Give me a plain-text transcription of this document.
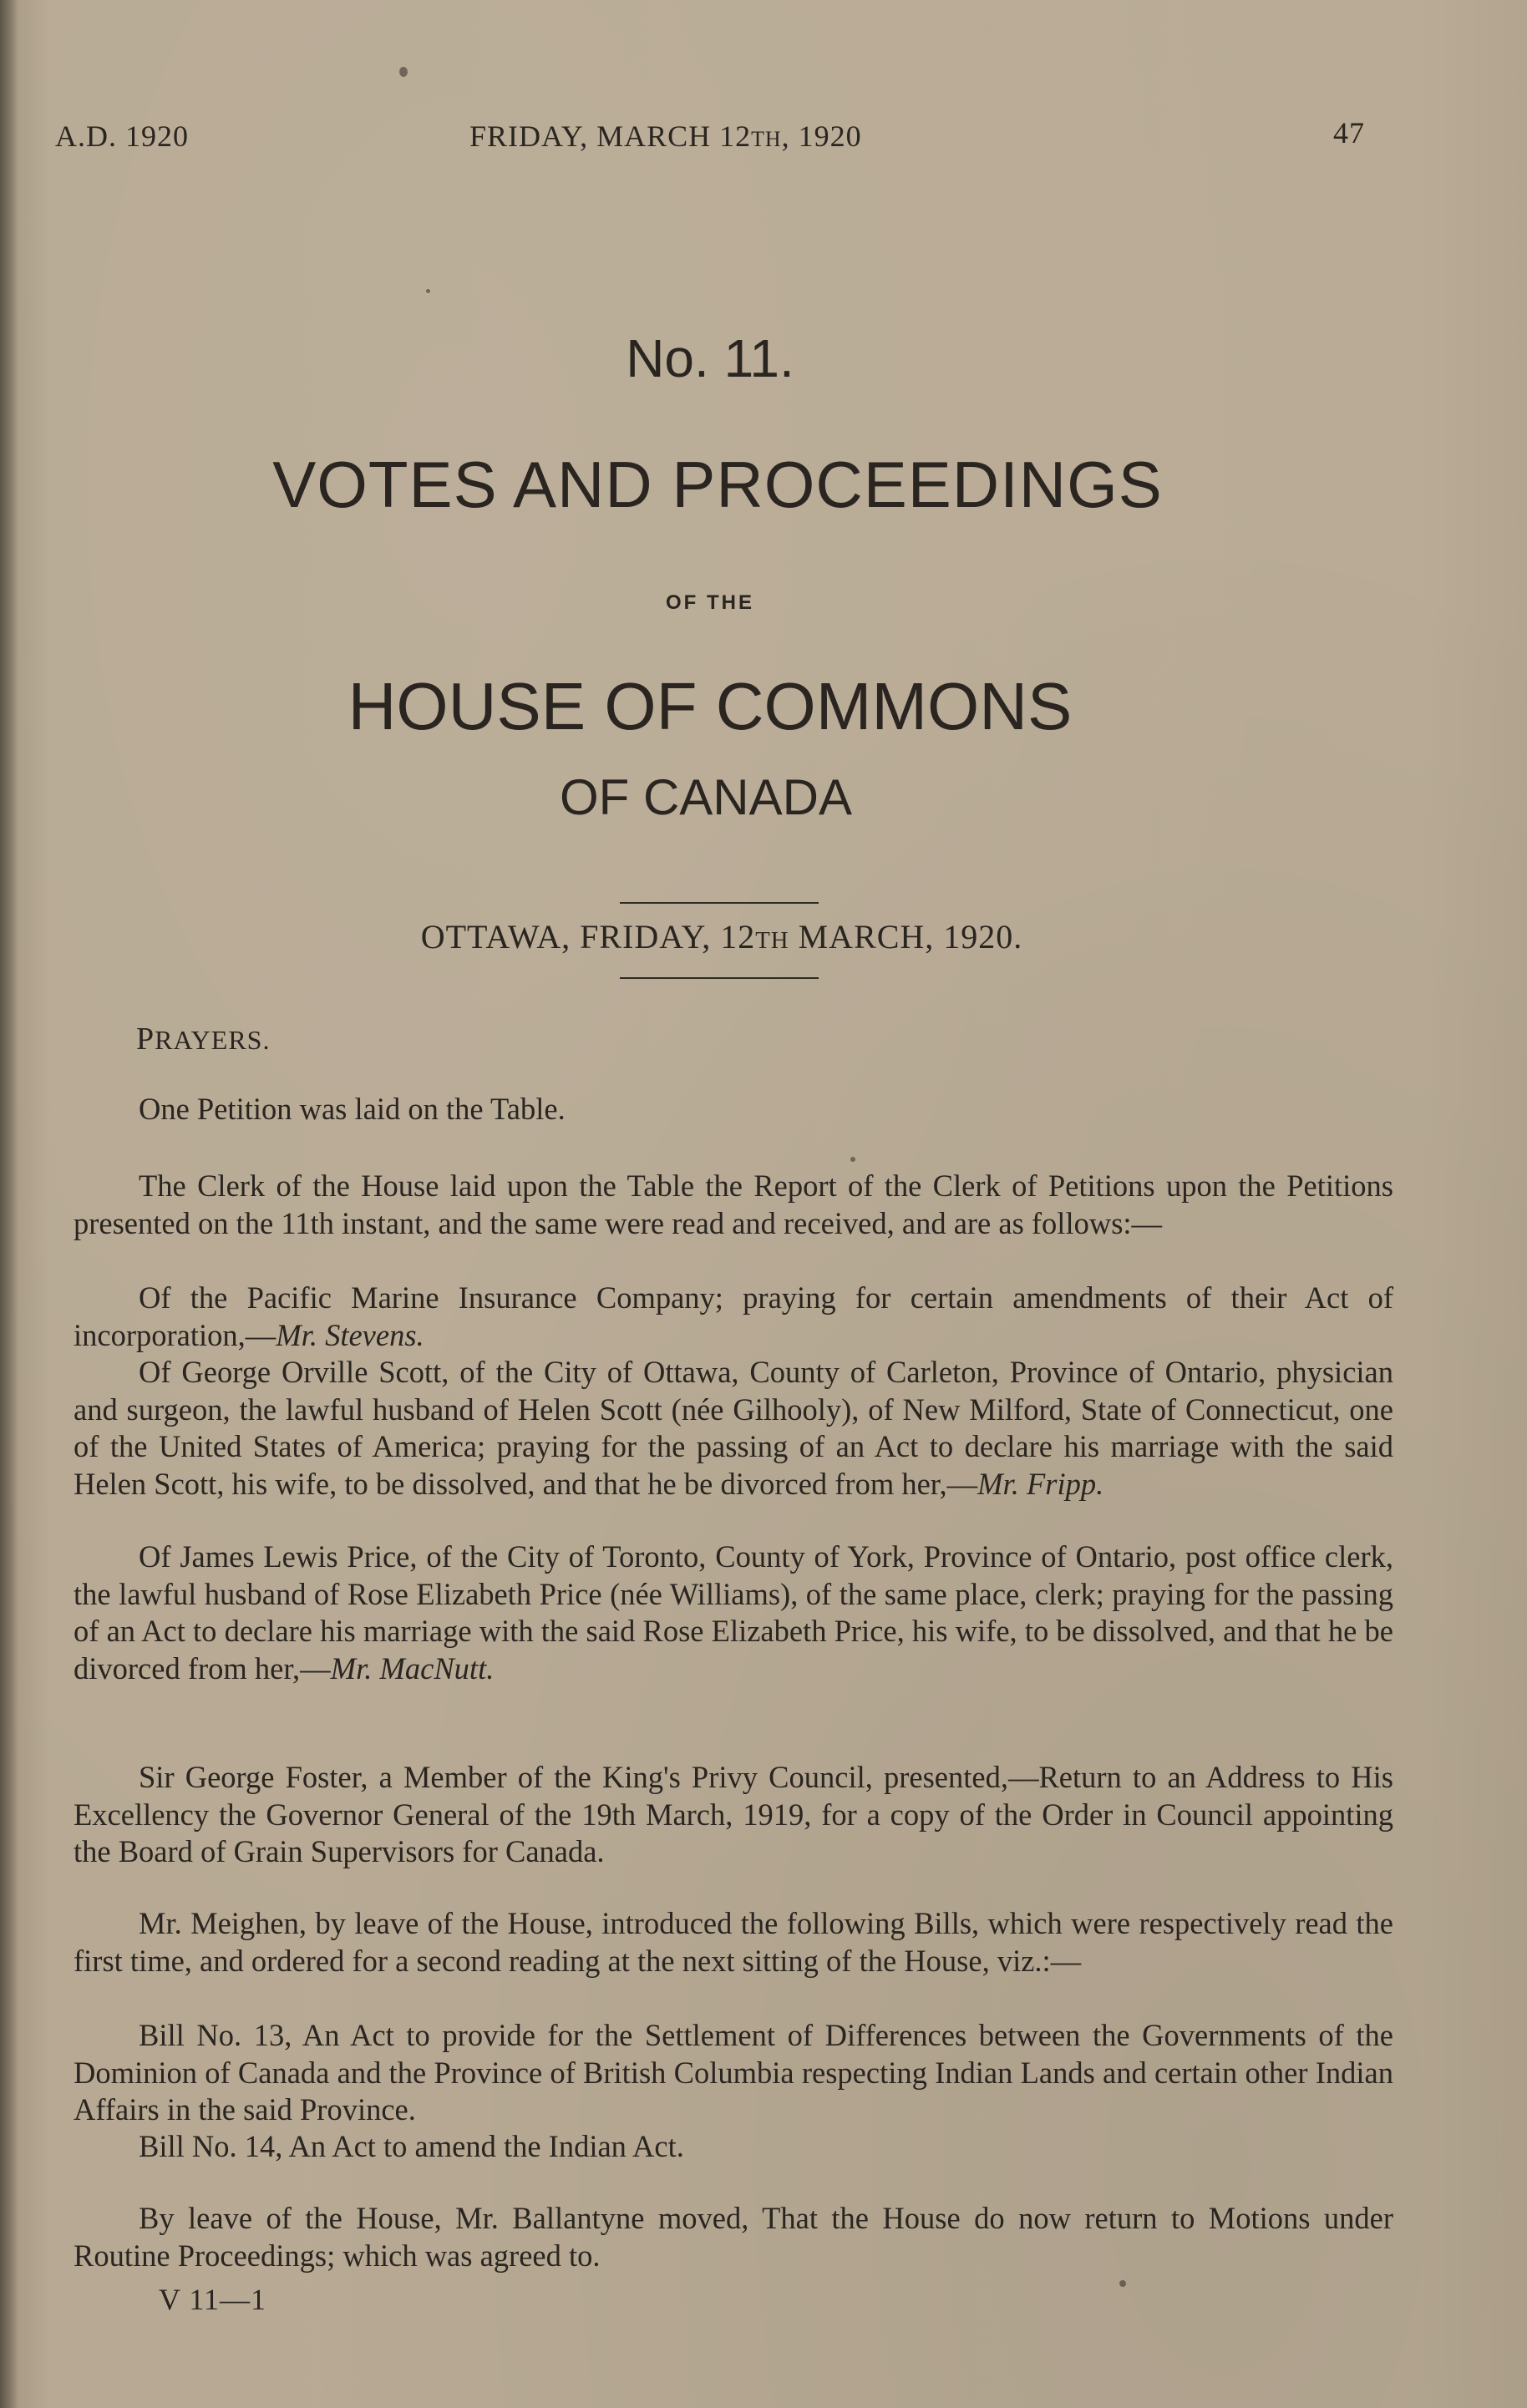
A.D. 1920	FRIDAY, MARCH 12TH, 1920	47
No. 11.
VOTES AND PROCEEDINGS
OF THE
HOUSE OF COMMONS
OF CANADA
OTTAWA, FRIDAY, 12TH MARCH, 1920.
PRAYERS.
One Petition was laid on the Table.
The Clerk of the House laid upon the Table the Report of the Clerk of Petitions upon the Petitions presented on the 11th instant, and the same were read and received, and are as follows:—
Of the Pacific Marine Insurance Company; praying for certain amendments of their Act of incorporation,—Mr. Stevens.
Of George Orville Scott, of the City of Ottawa, County of Carleton, Province of Ontario, physician and surgeon, the lawful husband of Helen Scott (née Gilhooly), of New Milford, State of Connecticut, one of the United States of America; praying for the passing of an Act to declare his marriage with the said Helen Scott, his wife, to be dissolved, and that he be divorced from her,—Mr. Fripp.
Of James Lewis Price, of the City of Toronto, County of York, Province of Ontario, post office clerk, the lawful husband of Rose Elizabeth Price (née Williams), of the same place, clerk; praying for the passing of an Act to declare his marriage with the said Rose Elizabeth Price, his wife, to be dissolved, and that he be divorced from her,—Mr. MacNutt.
Sir George Foster, a Member of the King's Privy Council, presented,—Return to an Address to His Excellency the Governor General of the 19th March, 1919, for a copy of the Order in Council appointing the Board of Grain Supervisors for Canada.
Mr. Meighen, by leave of the House, introduced the following Bills, which were respectively read the first time, and ordered for a second reading at the next sitting of the House, viz.:—
Bill No. 13, An Act to provide for the Settlement of Differences between the Governments of the Dominion of Canada and the Province of British Columbia respecting Indian Lands and certain other Indian Affairs in the said Province.
Bill No. 14, An Act to amend the Indian Act.
By leave of the House, Mr. Ballantyne moved, That the House do now return to Motions under Routine Proceedings; which was agreed to.
V 11—1
